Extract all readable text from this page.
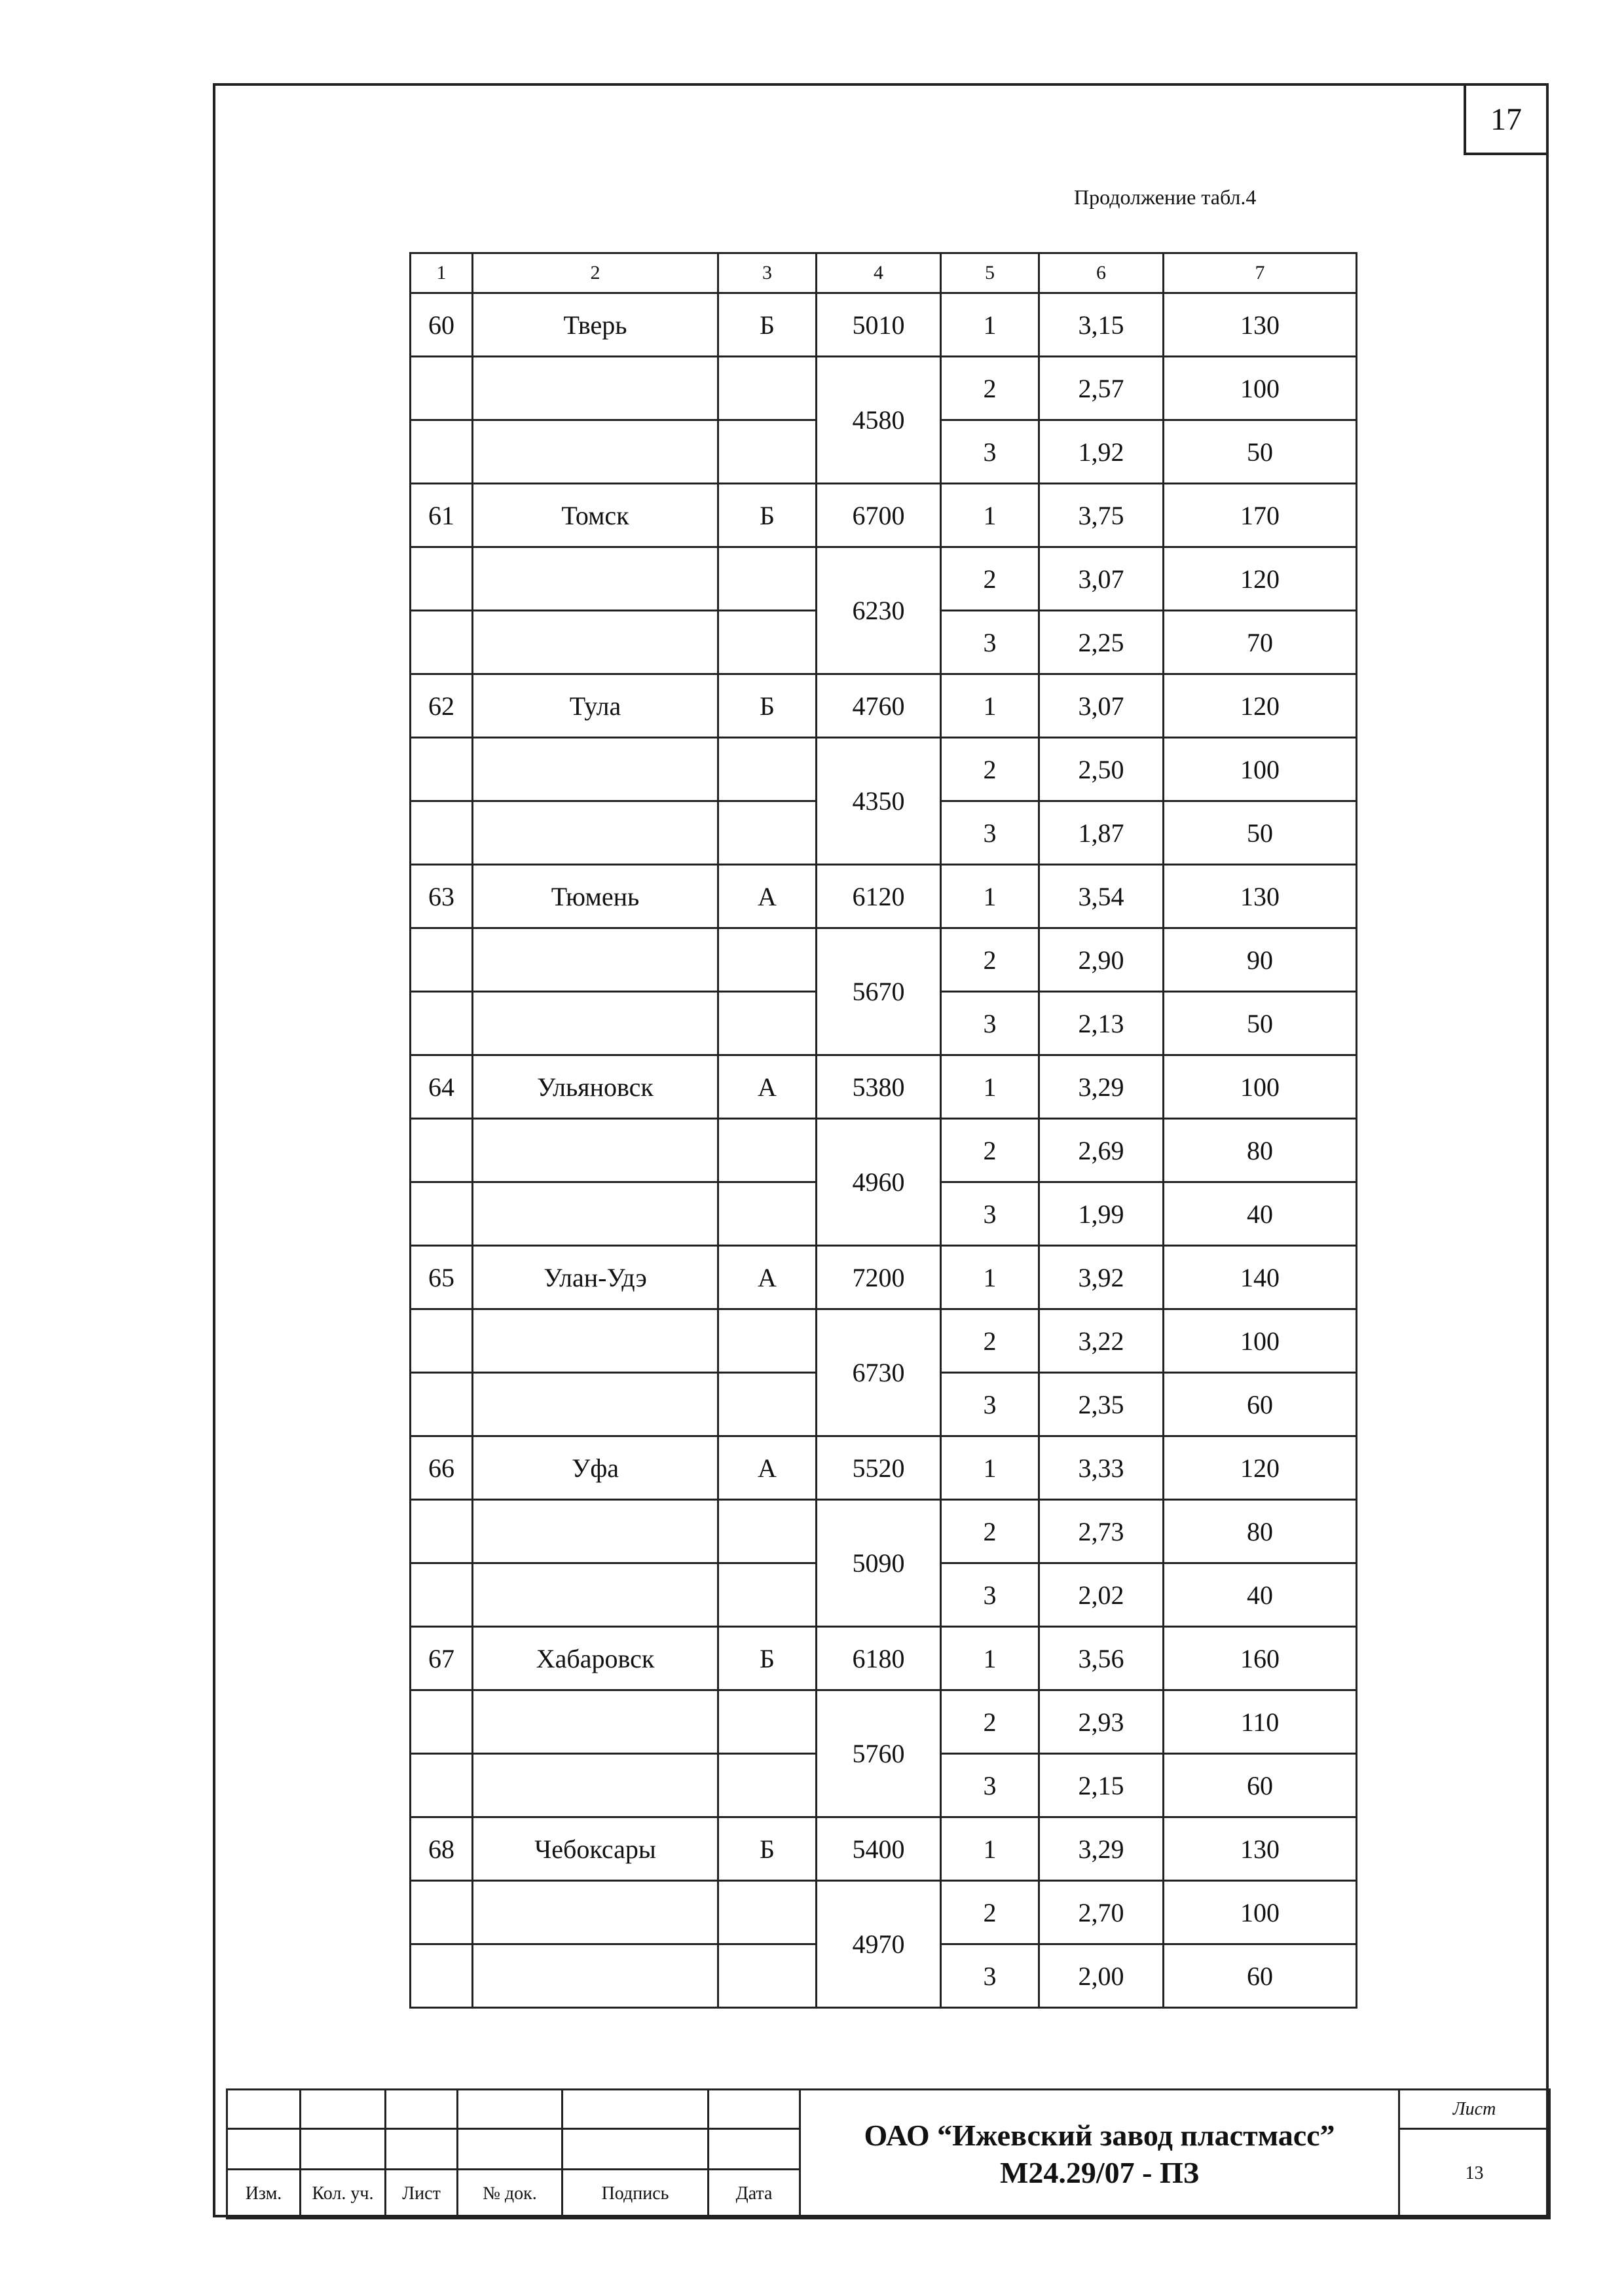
17
Продолжение табл.4
1	2	3	4	5	6	7
60	Тверь	Б	5010	1	3,15	130
			4580	2	2,57	100
				3	1,92	50
61	Томск	Б	6700	1	3,75	170
			6230	2	3,07	120
				3	2,25	70
62	Тула	Б	4760	1	3,07	120
			4350	2	2,50	100
				3	1,87	50
63	Тюмень	А	6120	1	3,54	130
			5670	2	2,90	90
				3	2,13	50
64	Ульяновск	А	5380	1	3,29	100
			4960	2	2,69	80
				3	1,99	40
65	Улан-Удэ	А	7200	1	3,92	140
			6730	2	3,22	100
				3	2,35	60
66	Уфа	А	5520	1	3,33	120
			5090	2	2,73	80
				3	2,02	40
67	Хабаровск	Б	6180	1	3,56	160
			5760	2	2,93	110
				3	2,15	60
68	Чебоксары	Б	5400	1	3,29	130
			4970	2	2,70	100
				3	2,00	60

						ОАО “Ижевский завод пластмасс”
М24.29/07 - ПЗ	Лист
							13
Изм.	Кол. уч.	Лист	№ док.	Подпись	Дата		
